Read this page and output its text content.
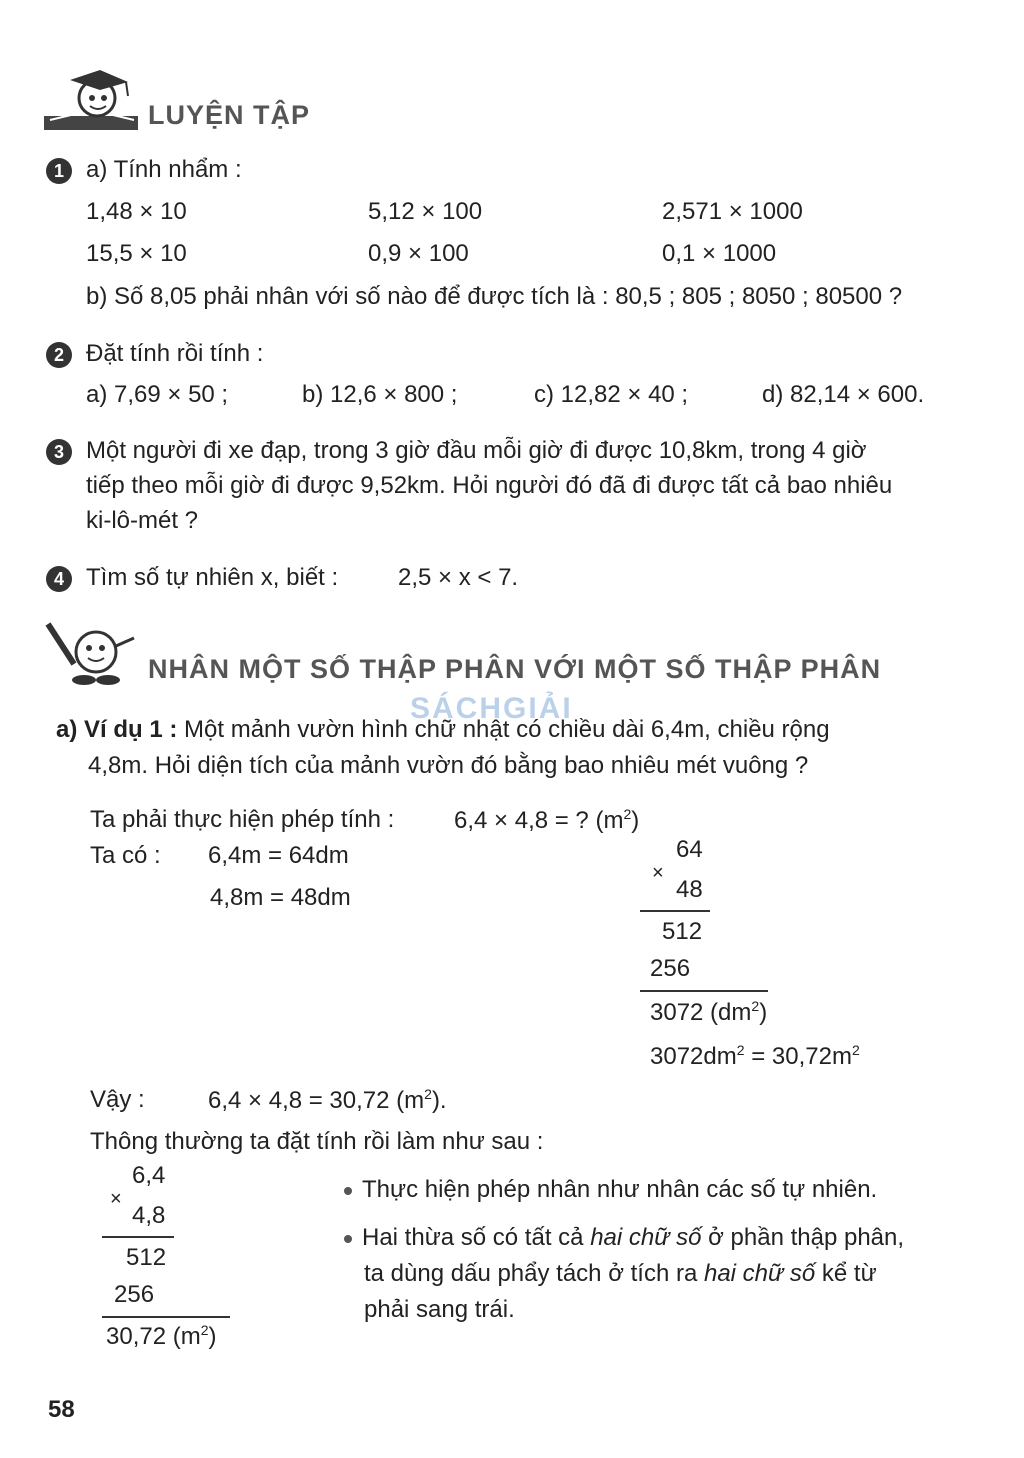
LUYỆN TẬP
1 a) Tính nhẩm :
1,48 × 10	5,12 × 100	2,571 × 1000
15,5 × 10	0,9 × 100	0,1 × 1000
b) Số 8,05 phải nhân với số nào để được tích là : 80,5 ; 805 ; 8050 ; 80500 ?
2 Đặt tính rồi tính :
a) 7,69 × 50 ;	b) 12,6 × 800 ;	c) 12,82 × 40 ;	d) 82,14 × 600.
3 Một người đi xe đạp, trong 3 giờ đầu mỗi giờ đi được 10,8km, trong 4 giờ
tiếp theo mỗi giờ đi được 9,52km. Hỏi người đó đã đi được tất cả bao nhiêu
ki-lô-mét ?
4 Tìm số tự nhiên x, biết : 2,5 × x < 7.
NHÂN MỘT SỐ THẬP PHÂN VỚI MỘT SỐ THẬP PHÂN
SÁCHGIẢI
a) Ví dụ 1 : Một mảnh vườn hình chữ nhật có chiều dài 6,4m, chiều rộng
4,8m. Hỏi diện tích của mảnh vườn đó bằng bao nhiêu mét vuông ?
Ta phải thực hiện phép tính : 6,4 × 4,8 = ? $(m^2)$
Ta có : 6,4m = 64dm
4,8m = 48dm
64
×
48
512
256
3072 $(dm^2)$
$3072dm^2 = 30,72m^2$
Vậy :	6,4 × 4,8 = 30,72 $(m^2)$.
Thông thường ta đặt tính rồi làm như sau :
6,4
×
4,8
512
256
30,72 $(m^2)$
Thực hiện phép nhân như nhân các số tự nhiên.
Hai thừa số có tất cả hai chữ số ở phần thập phân,
ta dùng dấu phẩy tách ở tích ra hai chữ số kể từ
phải sang trái.
58
